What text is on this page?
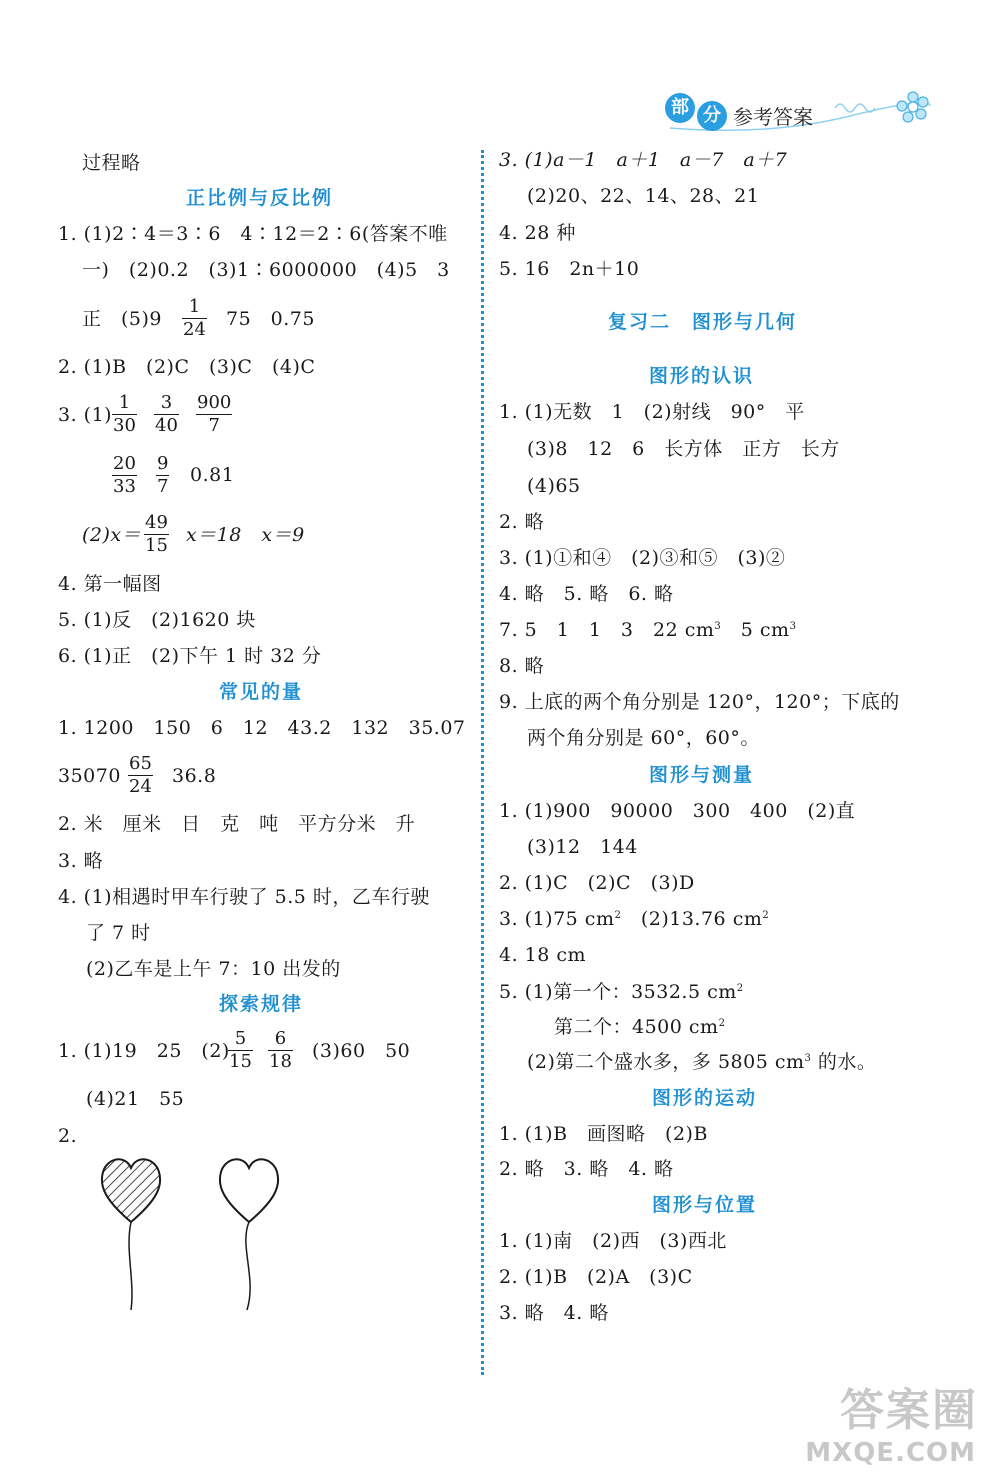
部 分 参考答案
过程略
正比例与反比例
1. (1)2∶4＝3∶6　4∶12＝2∶6(答案不唯
一)　(2)0.2　(3)1∶6000000　(4)5　3
正　$(5)9 \frac{1}{24} 75$　0.75
2. (1)B　(2)C　(3)C　(4)C
3. $(1) \frac{1}{30} \frac{3}{40} \frac{900}{7}$
$\frac{20}{33} \frac{9}{7} 0.81$
$(2)x= \frac{49}{15} x=18$　x＝9
4. 第一幅图
5. (1)反　(2)1620 块
6. (1)正　(2)下午 1 时 32 分
常见的量
1. 1200　150　6　12　43.2　132　35.07
$35070 \frac{65}{24} 36.8$
2. 米　厘米　日　克　吨　平方分米　升
3. 略
4. (1)相遇时甲车行驶了 5.5 时，乙车行驶
了 7 时
(2)乙车是上午 7：10 出发的
探索规律
1. (1)19　25　(2)
$\frac{5}{15} \frac{6}{18} (3)60$　50
(4)21　55
2.
3. (1)a－1　a＋1　a－7　a＋7
(2)20、22、14、28、21
4. 28 种
5. 16　2n＋10
复习二　图形与几何
图形的认识
1. (1)无数　1　(2)射线　90°　平
(3)8　12　6　长方体　正方　长方
(4)65
2. 略
3. (1)①和④　(2)③和⑤　(3)②
4. 略　5. 略　6. 略
7. 5　1　1　3　22 $cm^3$　5 $cm^3$
8. 略
9. 上底的两个角分别是 120°，120°；下底的
两个角分别是 60°，60°。
图形与测量
1. (1)900　90000　300　400　(2)直
(3)12　144
2. (1)C　(2)C　(3)D
3. (1)75 $cm^2$　(2)13.76 $cm^2$
4. 18 cm
5. (1)第一个：3532.5 $cm^2$
第二个：4500 $cm^2$
(2)第二个盛水多，多 5805 $cm^3$ 的水。
图形的运动
1. (1)B　画图略　(2)B
2. 略　3. 略　4. 略
图形与位置
1. (1)南　(2)西　(3)西北
2. (1)B　(2)A　(3)C
3. 略　4. 略
答案圈
MXQE.COM
